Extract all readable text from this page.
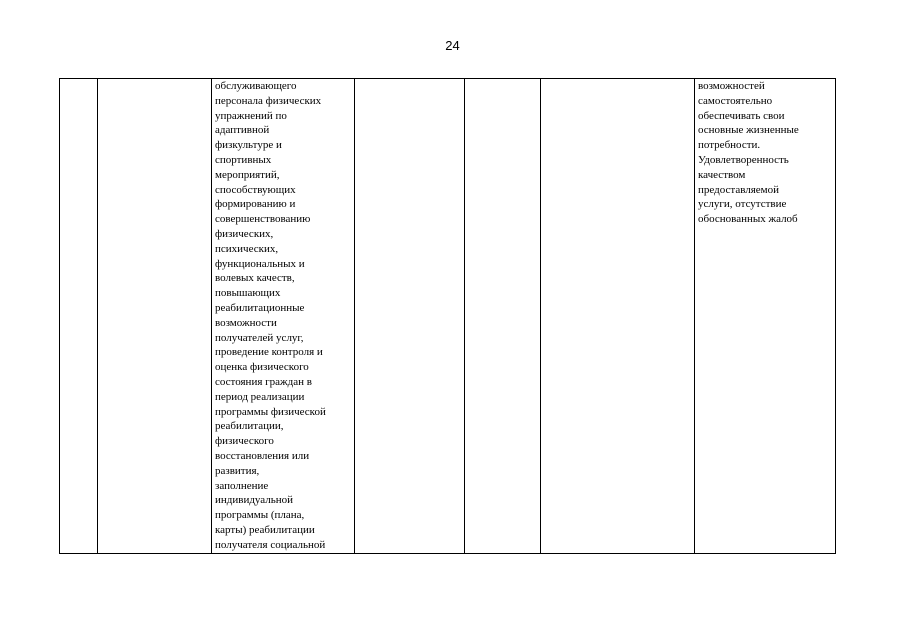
24

обслуживающего
персонала физических
упражнений по
адаптивной
физкультуре и
спортивных
мероприятий,
способствующих
формированию и
совершенствованию
физических,
психических,
функциональных и
волевых качеств,
повышающих
реабилитационные
возможности
получателей услуг,
проведение контроля и
оценка физического
состояния граждан в
период реализации
программы физической
реабилитации,
физического
восстановления или
развития,
заполнение
индивидуальной
программы (плана,
карты) реабилитации
получателя социальной

возможностей
самостоятельно
обеспечивать свои
основные жизненные
потребности.
Удовлетворенность
качеством
предоставляемой
услуги, отсутствие
обоснованных жалоб
